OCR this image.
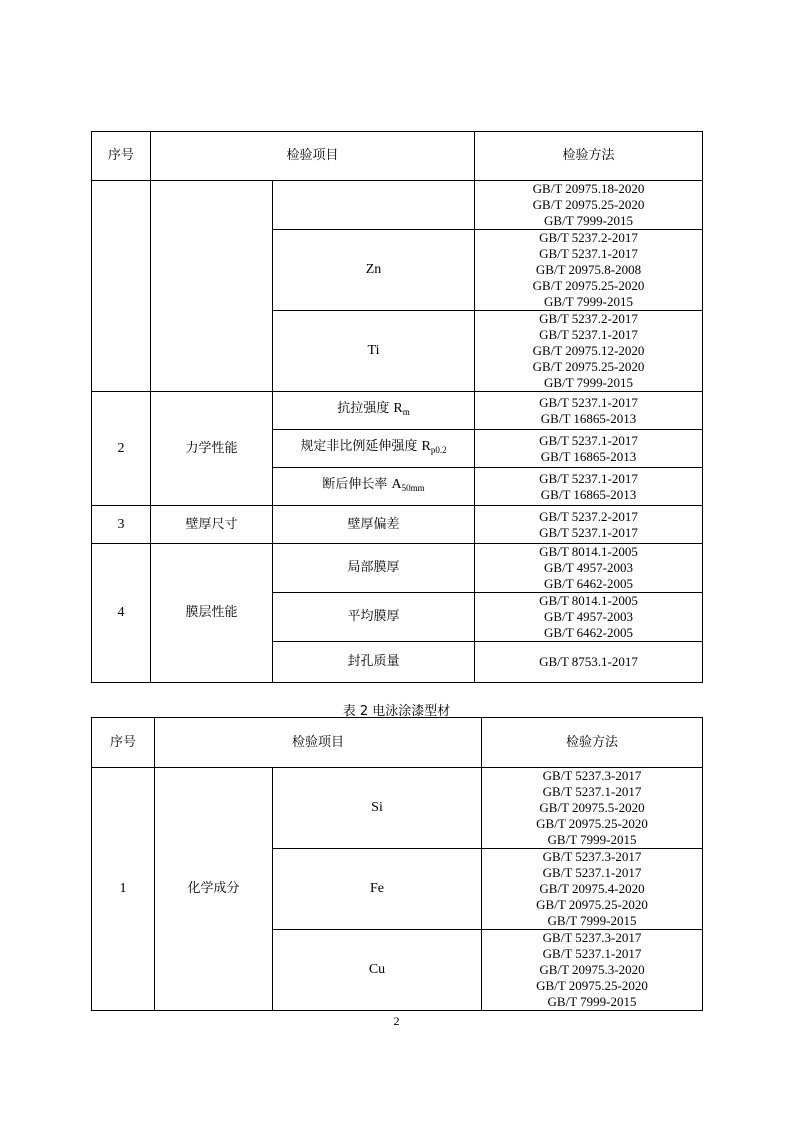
序号	检验项目		检验方法

			GB/T 20975.18-2020
GB/T 20975.25-2020
GB/T 7999-2015

		Zn	GB/T 5237.2-2017
GB/T 5237.1-2017
GB/T 20975.8-2008
GB/T 20975.25-2020
GB/T 7999-2015

		Ti	GB/T 5237.2-2017
GB/T 5237.1-2017
GB/T 20975.12-2020
GB/T 20975.25-2020
GB/T 7999-2015

2	力学性能	抗拉强度 $R_m$	GB/T 5237.1-2017
GB/T 16865-2013

		规定非比例延伸强度 $R_{p0.2}$	GB/T 5237.1-2017
GB/T 16865-2013

		断后伸长率 $A_{50mm}$	GB/T 5237.1-2017
GB/T 16865-2013

3	壁厚尺寸	壁厚偏差	GB/T 5237.2-2017
GB/T 5237.1-2017

4	膜层性能	局部膜厚	GB/T 8014.1-2005
GB/T 4957-2003
GB/T 6462-2005

		平均膜厚	GB/T 8014.1-2005
GB/T 4957-2003
GB/T 6462-2005

		封孔质量	GB/T 8753.1-2017
表 2 电泳涂漆型材
序号	检验项目		检验方法
1	化学成分	Si	GB/T 5237.3-2017
GB/T 5237.1-2017
GB/T 20975.5-2020
GB/T 20975.25-2020
GB/T 7999-2015

		Fe	GB/T 5237.3-2017
GB/T 5237.1-2017
GB/T 20975.4-2020
GB/T 20975.25-2020
GB/T 7999-2015

		Cu	GB/T 5237.3-2017
GB/T 5237.1-2017
GB/T 20975.3-2020
GB/T 20975.25-2020
GB/T 7999-2015
2
